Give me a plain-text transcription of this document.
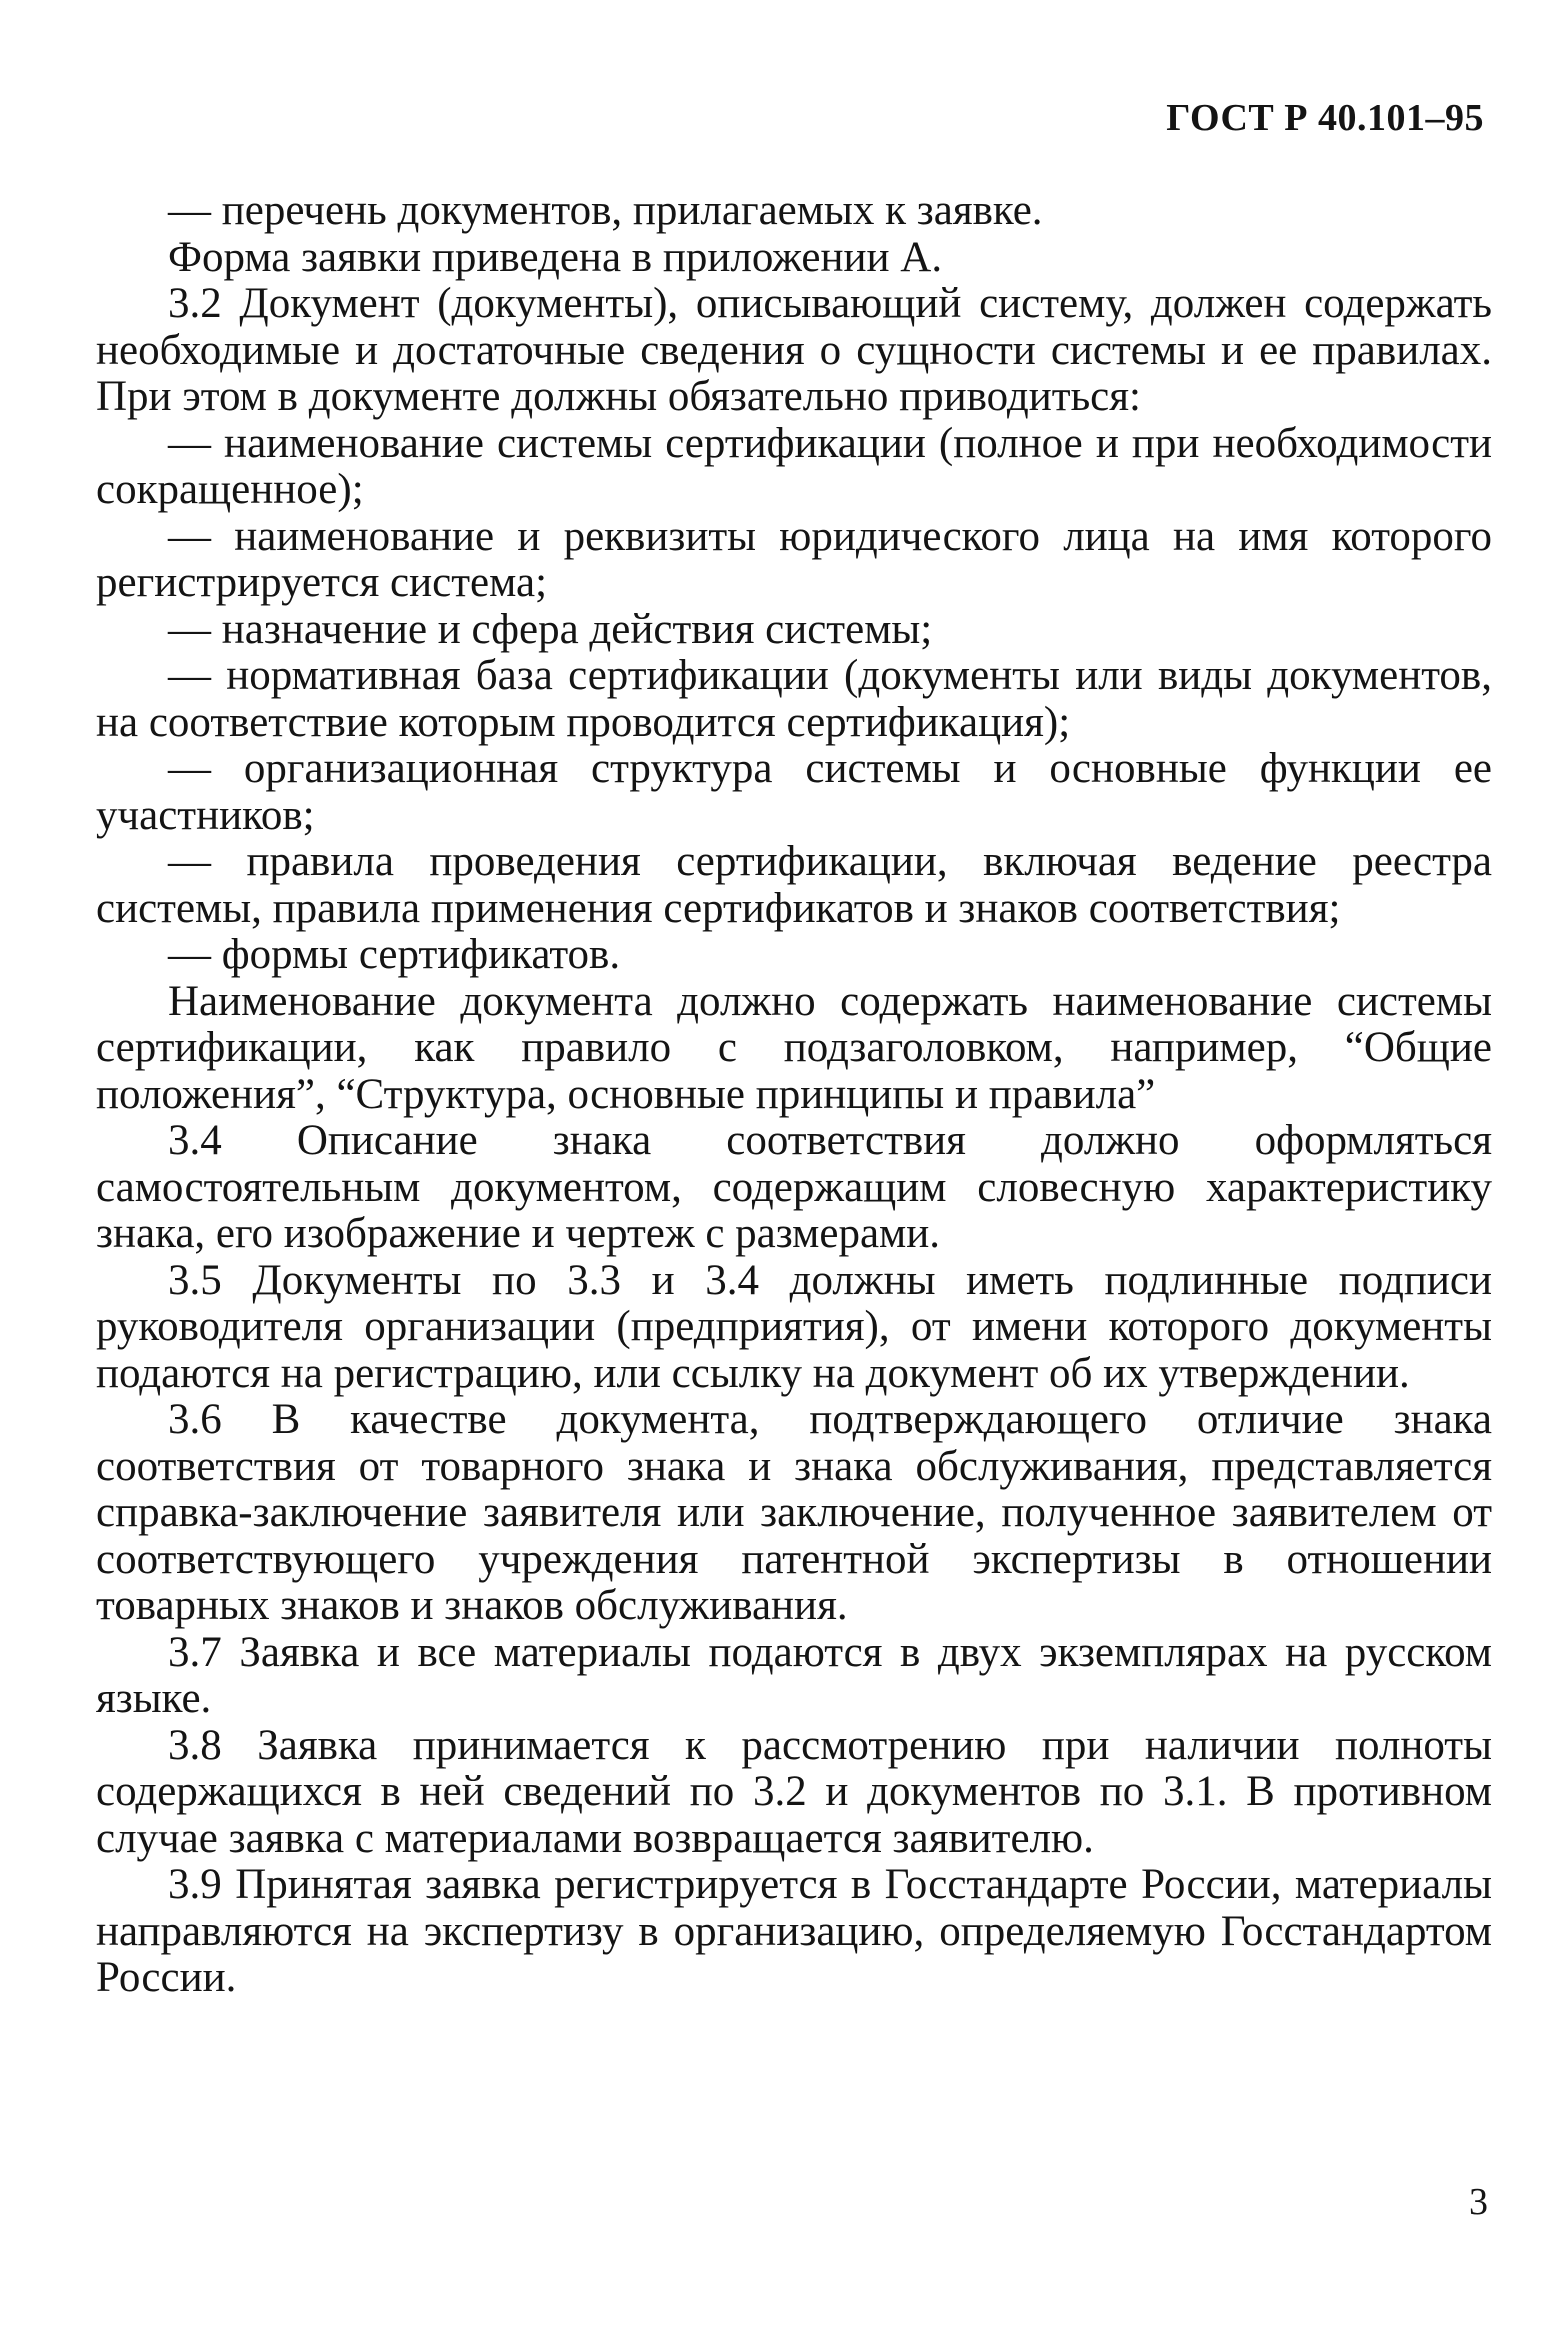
ГОСТ Р 40.101–95

— перечень документов, прилагаемых к заявке.

Форма заявки приведена в приложении А.

3.2 Документ (документы), описывающий систему, должен содержать необходимые и достаточные сведения о сущности системы и ее правилах. При этом в документе должны обязательно приводиться:

— наименование системы сертификации (полное и при необходимости сокращенное);

— наименование и реквизиты юридического лица на имя которого регистрируется система;

— назначение и сфера действия системы;

— нормативная база сертификации (документы или виды документов, на соответствие которым проводится сертификация);

— организационная структура системы и основные функции ее участников;

— правила проведения сертификации, включая ведение реестра системы, правила применения сертификатов и знаков соответствия;

— формы сертификатов.

Наименование документа должно содержать наименование системы сертификации, как правило с подзаголовком, например, “Общие положения”, “Структура, основные принципы и правила”

3.4 Описание знака соответствия должно оформляться самостоятельным документом, содержащим словесную характеристику знака, его изображение и чертеж с размерами.

3.5 Документы по 3.3 и 3.4 должны иметь подлинные подписи руководителя организации (предприятия), от имени которого документы подаются на регистрацию, или ссылку на документ об их утверждении.

3.6 В качестве документа, подтверждающего отличие знака соответствия от товарного знака и знака обслуживания, представляется справка-заключение заявителя или заключение, полученное заявителем от соответствующего учреждения патентной экспертизы в отношении товарных знаков и знаков обслуживания.

3.7 Заявка и все материалы подаются в двух экземплярах на русском языке.

3.8 Заявка принимается к рассмотрению при наличии полноты содержащихся в ней сведений по 3.2 и документов по 3.1. В противном случае заявка с материалами возвращается заявителю.

3.9 Принятая заявка регистрируется в Госстандарте России, материалы направляются на экспертизу в организацию, определяемую Госстандартом России.

3
